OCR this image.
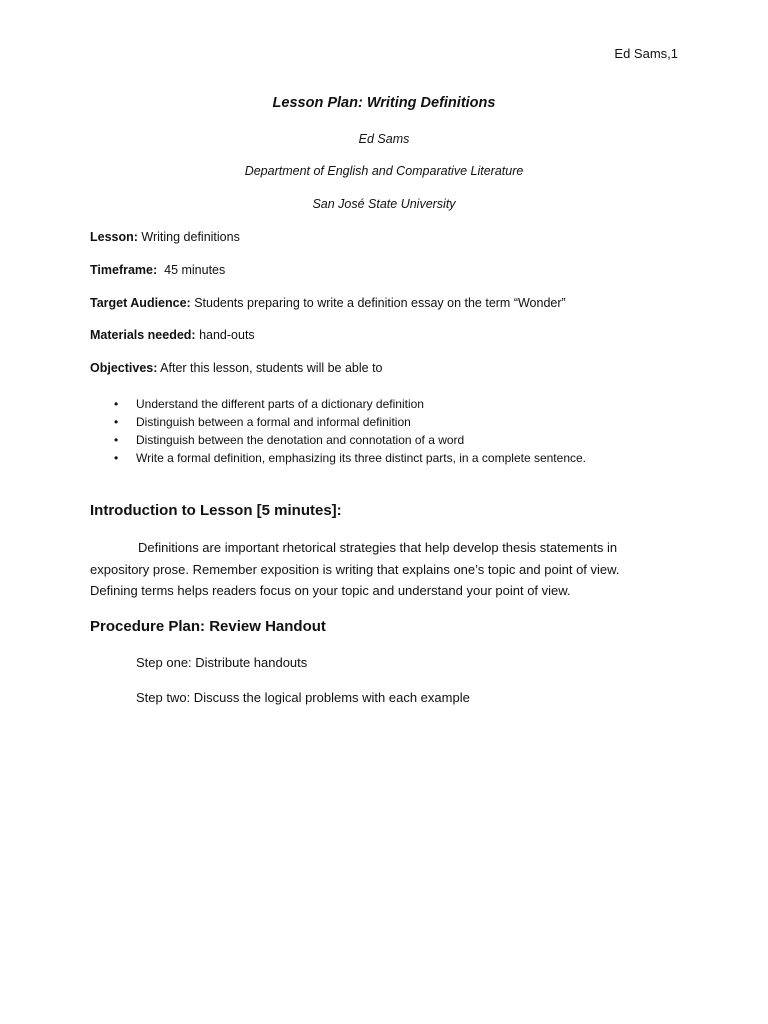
Ed Sams,1
Lesson Plan: Writing Definitions
Ed Sams
Department of English and Comparative Literature
San José State University
Lesson: Writing definitions
Timeframe:  45 minutes
Target Audience: Students preparing to write a definition essay on the term “Wonder”
Materials needed: hand-outs
Objectives: After this lesson, students will be able to
• Understand the different parts of a dictionary definition
• Distinguish between a formal and informal definition
• Distinguish between the denotation and connotation of a word
• Write a formal definition, emphasizing its three distinct parts, in a complete sentence.
Introduction to Lesson [5 minutes]:
Definitions are important rhetorical strategies that help develop thesis statements in
expository prose. Remember exposition is writing that explains one’s topic and point of view.
Defining terms helps readers focus on your topic and understand your point of view.
Procedure Plan: Review Handout
Step one: Distribute handouts
Step two: Discuss the logical problems with each example
